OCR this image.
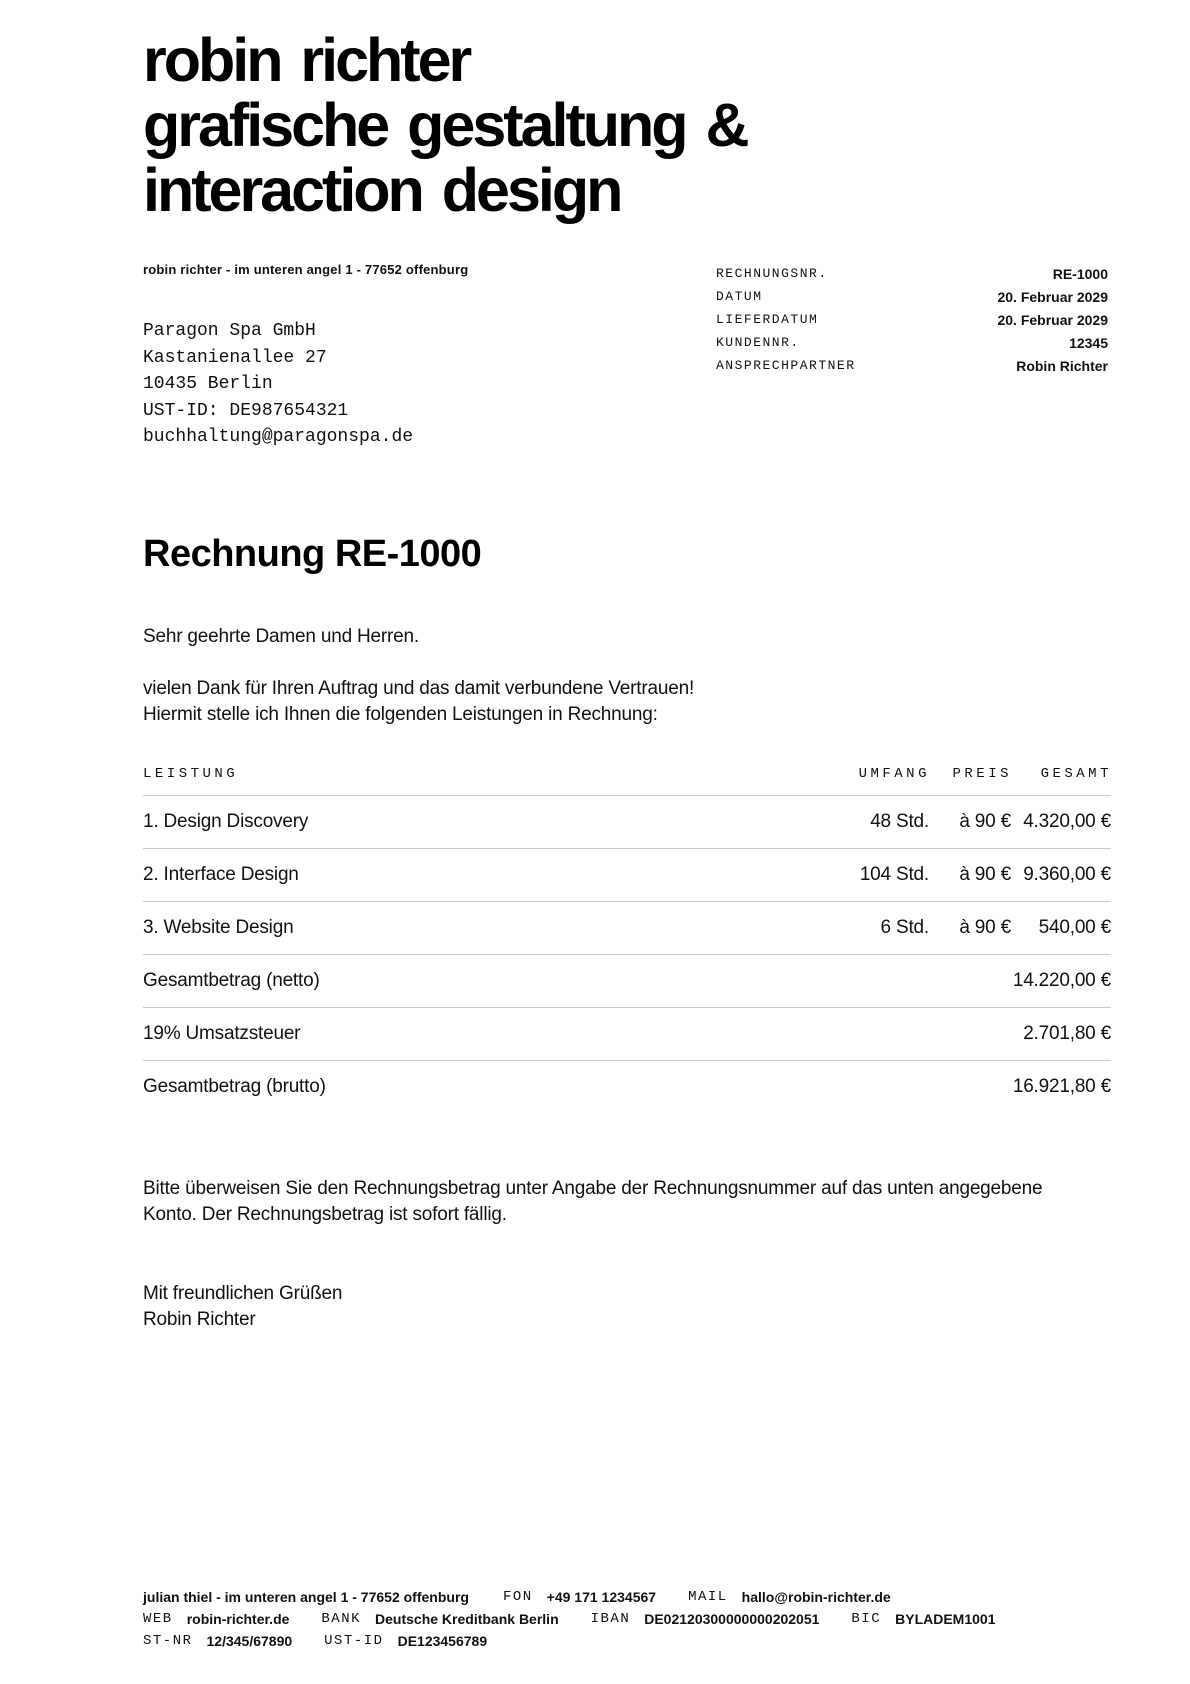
robin richter
grafische gestaltung &
interaction design
robin richter - im unteren angel 1 - 77652 offenburg
Paragon Spa GmbH
Kastanienallee 27
10435 Berlin
UST-ID: DE987654321
buchhaltung@paragonspa.de
RECHNUNGSNR.	RE-1000
DATUM	20. Februar 2029
LIEFERDATUM	20. Februar 2029
KUNDENNR.	12345
ANSPRECHPARTNER	Robin Richter
Rechnung RE-1000
Sehr geehrte Damen und Herren.
vielen Dank für Ihren Auftrag und das damit verbundene Vertrauen!
Hiermit stelle ich Ihnen die folgenden Leistungen in Rechnung:
LEISTUNG	UMFANG	PREIS	GESAMT
1. Design Discovery	48 Std.	à 90 € 4.320,00 €
2. Interface Design	104 Std.	à 90 € 9.360,00 €
3. Website Design	6 Std.	à 90 €	540,00 €
Gesamtbetrag (netto)	14.220,00 €
19% Umsatzsteuer	2.701,80 €
Gesamtbetrag (brutto)	16.921,80 €
Bitte überweisen Sie den Rechnungsbetrag unter Angabe der Rechnungsnummer auf das unten angegebene
Konto. Der Rechnungsbetrag ist sofort fällig.
Mit freundlichen Grüßen
Robin Richter
julian thiel - im unteren angel 1 - 77652 offenburg FON +49 171 1234567 MAIL hallo@robin-richter.de
WEB robin-richter.de BANK Deutsche Kreditbank Berlin IBAN DE02120300000000202051 BIC BYLADEM1001
ST-NR 12/345/67890 UST-ID DE123456789
